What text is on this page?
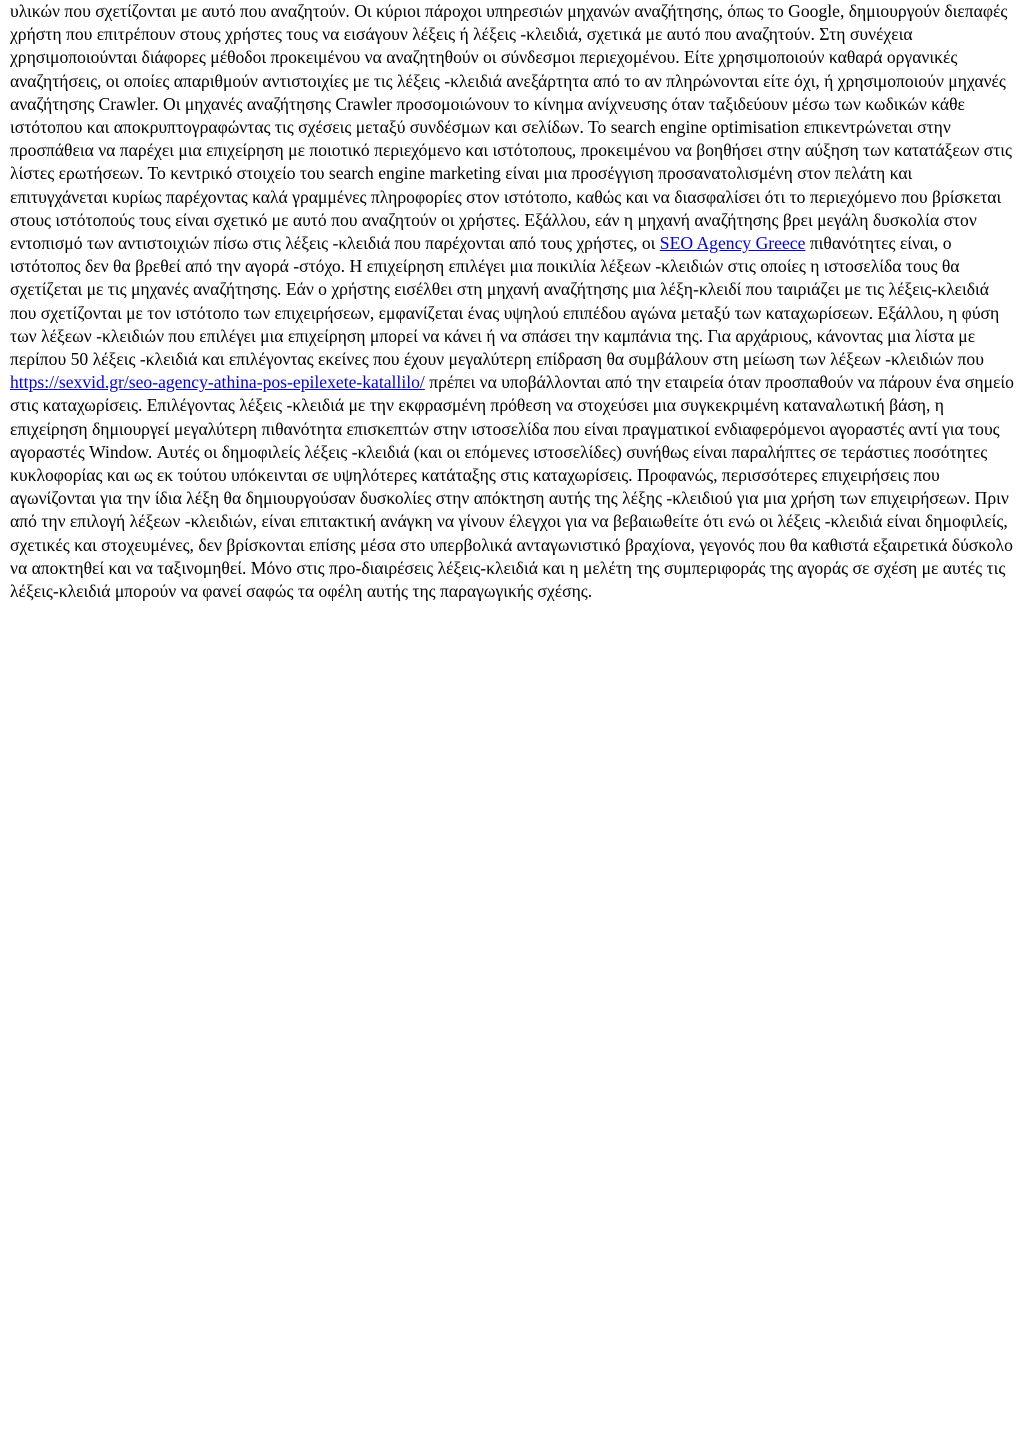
υλικών που σχετίζονται με αυτό που αναζητούν. Οι κύριοι πάροχοι υπηρεσιών μηχανών αναζήτησης, όπως το Google, δημιουργούν διεπαφές χρήστη που επιτρέπουν στους χρήστες τους να εισάγουν λέξεις ή λέξεις -κλειδιά, σχετικά με αυτό που αναζητούν. Στη συνέχεια χρησιμοποιούνται διάφορες μέθοδοι προκειμένου να αναζητηθούν οι σύνδεσμοι περιεχομένου. Είτε χρησιμοποιούν καθαρά οργανικές αναζητήσεις, οι οποίες απαριθμούν αντιστοιχίες με τις λέξεις -κλειδιά ανεξάρτητα από το αν πληρώνονται είτε όχι, ή χρησιμοποιούν μηχανές αναζήτησης Crawler. Οι μηχανές αναζήτησης Crawler προσομοιώνουν το κίνημα ανίχνευσης όταν ταξιδεύουν μέσω των κωδικών κάθε ιστότοπου και αποκρυπτογραφώντας τις σχέσεις μεταξύ συνδέσμων και σελίδων. Το search engine optimisation επικεντρώνεται στην προσπάθεια να παρέχει μια επιχείρηση με ποιοτικό περιεχόμενο και ιστότοπους, προκειμένου να βοηθήσει στην αύξηση των κατατάξεων στις λίστες ερωτήσεων. Το κεντρικό στοιχείο του search engine marketing είναι μια προσέγγιση προσανατολισμένη στον πελάτη και επιτυγχάνεται κυρίως παρέχοντας καλά γραμμένες πληροφορίες στον ιστότοπο, καθώς και να διασφαλίσει ότι το περιεχόμενο που βρίσκεται στους ιστότοπούς τους είναι σχετικό με αυτό που αναζητούν οι χρήστες. Εξάλλου, εάν η μηχανή αναζήτησης βρει μεγάλη δυσκολία στον εντοπισμό των αντιστοιχιών πίσω στις λέξεις -κλειδιά που παρέχονται από τους χρήστες, οι SEO Agency Greece πιθανότητες είναι, ο ιστότοπος δεν θα βρεθεί από την αγορά -στόχο. Η επιχείρηση επιλέγει μια ποικιλία λέξεων -κλειδιών στις οποίες η ιστοσελίδα τους θα σχετίζεται με τις μηχανές αναζήτησης. Εάν ο χρήστης εισέλθει στη μηχανή αναζήτησης μια λέξη-κλειδί που ταιριάζει με τις λέξεις-κλειδιά που σχετίζονται με τον ιστότοπο των επιχειρήσεων, εμφανίζεται ένας υψηλού επιπέδου αγώνα μεταξύ των καταχωρίσεων. Εξάλλου, η φύση των λέξεων -κλειδιών που επιλέγει μια επιχείρηση μπορεί να κάνει ή να σπάσει την καμπάνια της. Για αρχάριους, κάνοντας μια λίστα με περίπου 50 λέξεις -κλειδιά και επιλέγοντας εκείνες που έχουν μεγαλύτερη επίδραση θα συμβάλουν στη μείωση των λέξεων -κλειδιών που https://sexvid.gr/seo-agency-athina-pos-epilexete-katallilo/ πρέπει να υποβάλλονται από την εταιρεία όταν προσπαθούν να πάρουν ένα σημείο στις καταχωρίσεις. Επιλέγοντας λέξεις -κλειδιά με την εκφρασμένη πρόθεση να στοχεύσει μια συγκεκριμένη καταναλωτική βάση, η επιχείρηση δημιουργεί μεγαλύτερη πιθανότητα επισκεπτών στην ιστοσελίδα που είναι πραγματικοί ενδιαφερόμενοι αγοραστές αντί για τους αγοραστές Window. Αυτές οι δημοφιλείς λέξεις -κλειδιά (και οι επόμενες ιστοσελίδες) συνήθως είναι παραλήπτες σε τεράστιες ποσότητες κυκλοφορίας και ως εκ τούτου υπόκεινται σε υψηλότερες κατάταξης στις καταχωρίσεις. Προφανώς, περισσότερες επιχειρήσεις που αγωνίζονται για την ίδια λέξη θα δημιουργούσαν δυσκολίες στην απόκτηση αυτής της λέξης -κλειδιού για μια χρήση των επιχειρήσεων. Πριν από την επιλογή λέξεων -κλειδιών, είναι επιτακτική ανάγκη να γίνουν έλεγχοι για να βεβαιωθείτε ότι ενώ οι λέξεις -κλειδιά είναι δημοφιλείς, σχετικές και στοχευμένες, δεν βρίσκονται επίσης μέσα στο υπερβολικά ανταγωνιστικό βραχίονα, γεγονός που θα καθιστά εξαιρετικά δύσκολο να αποκτηθεί και να ταξινομηθεί. Μόνο στις προ-διαιρέσεις λέξεις-κλειδιά και η μελέτη της συμπεριφοράς της αγοράς σε σχέση με αυτές τις λέξεις-κλειδιά μπορούν να φανεί σαφώς τα οφέλη αυτής της παραγωγικής σχέσης.
